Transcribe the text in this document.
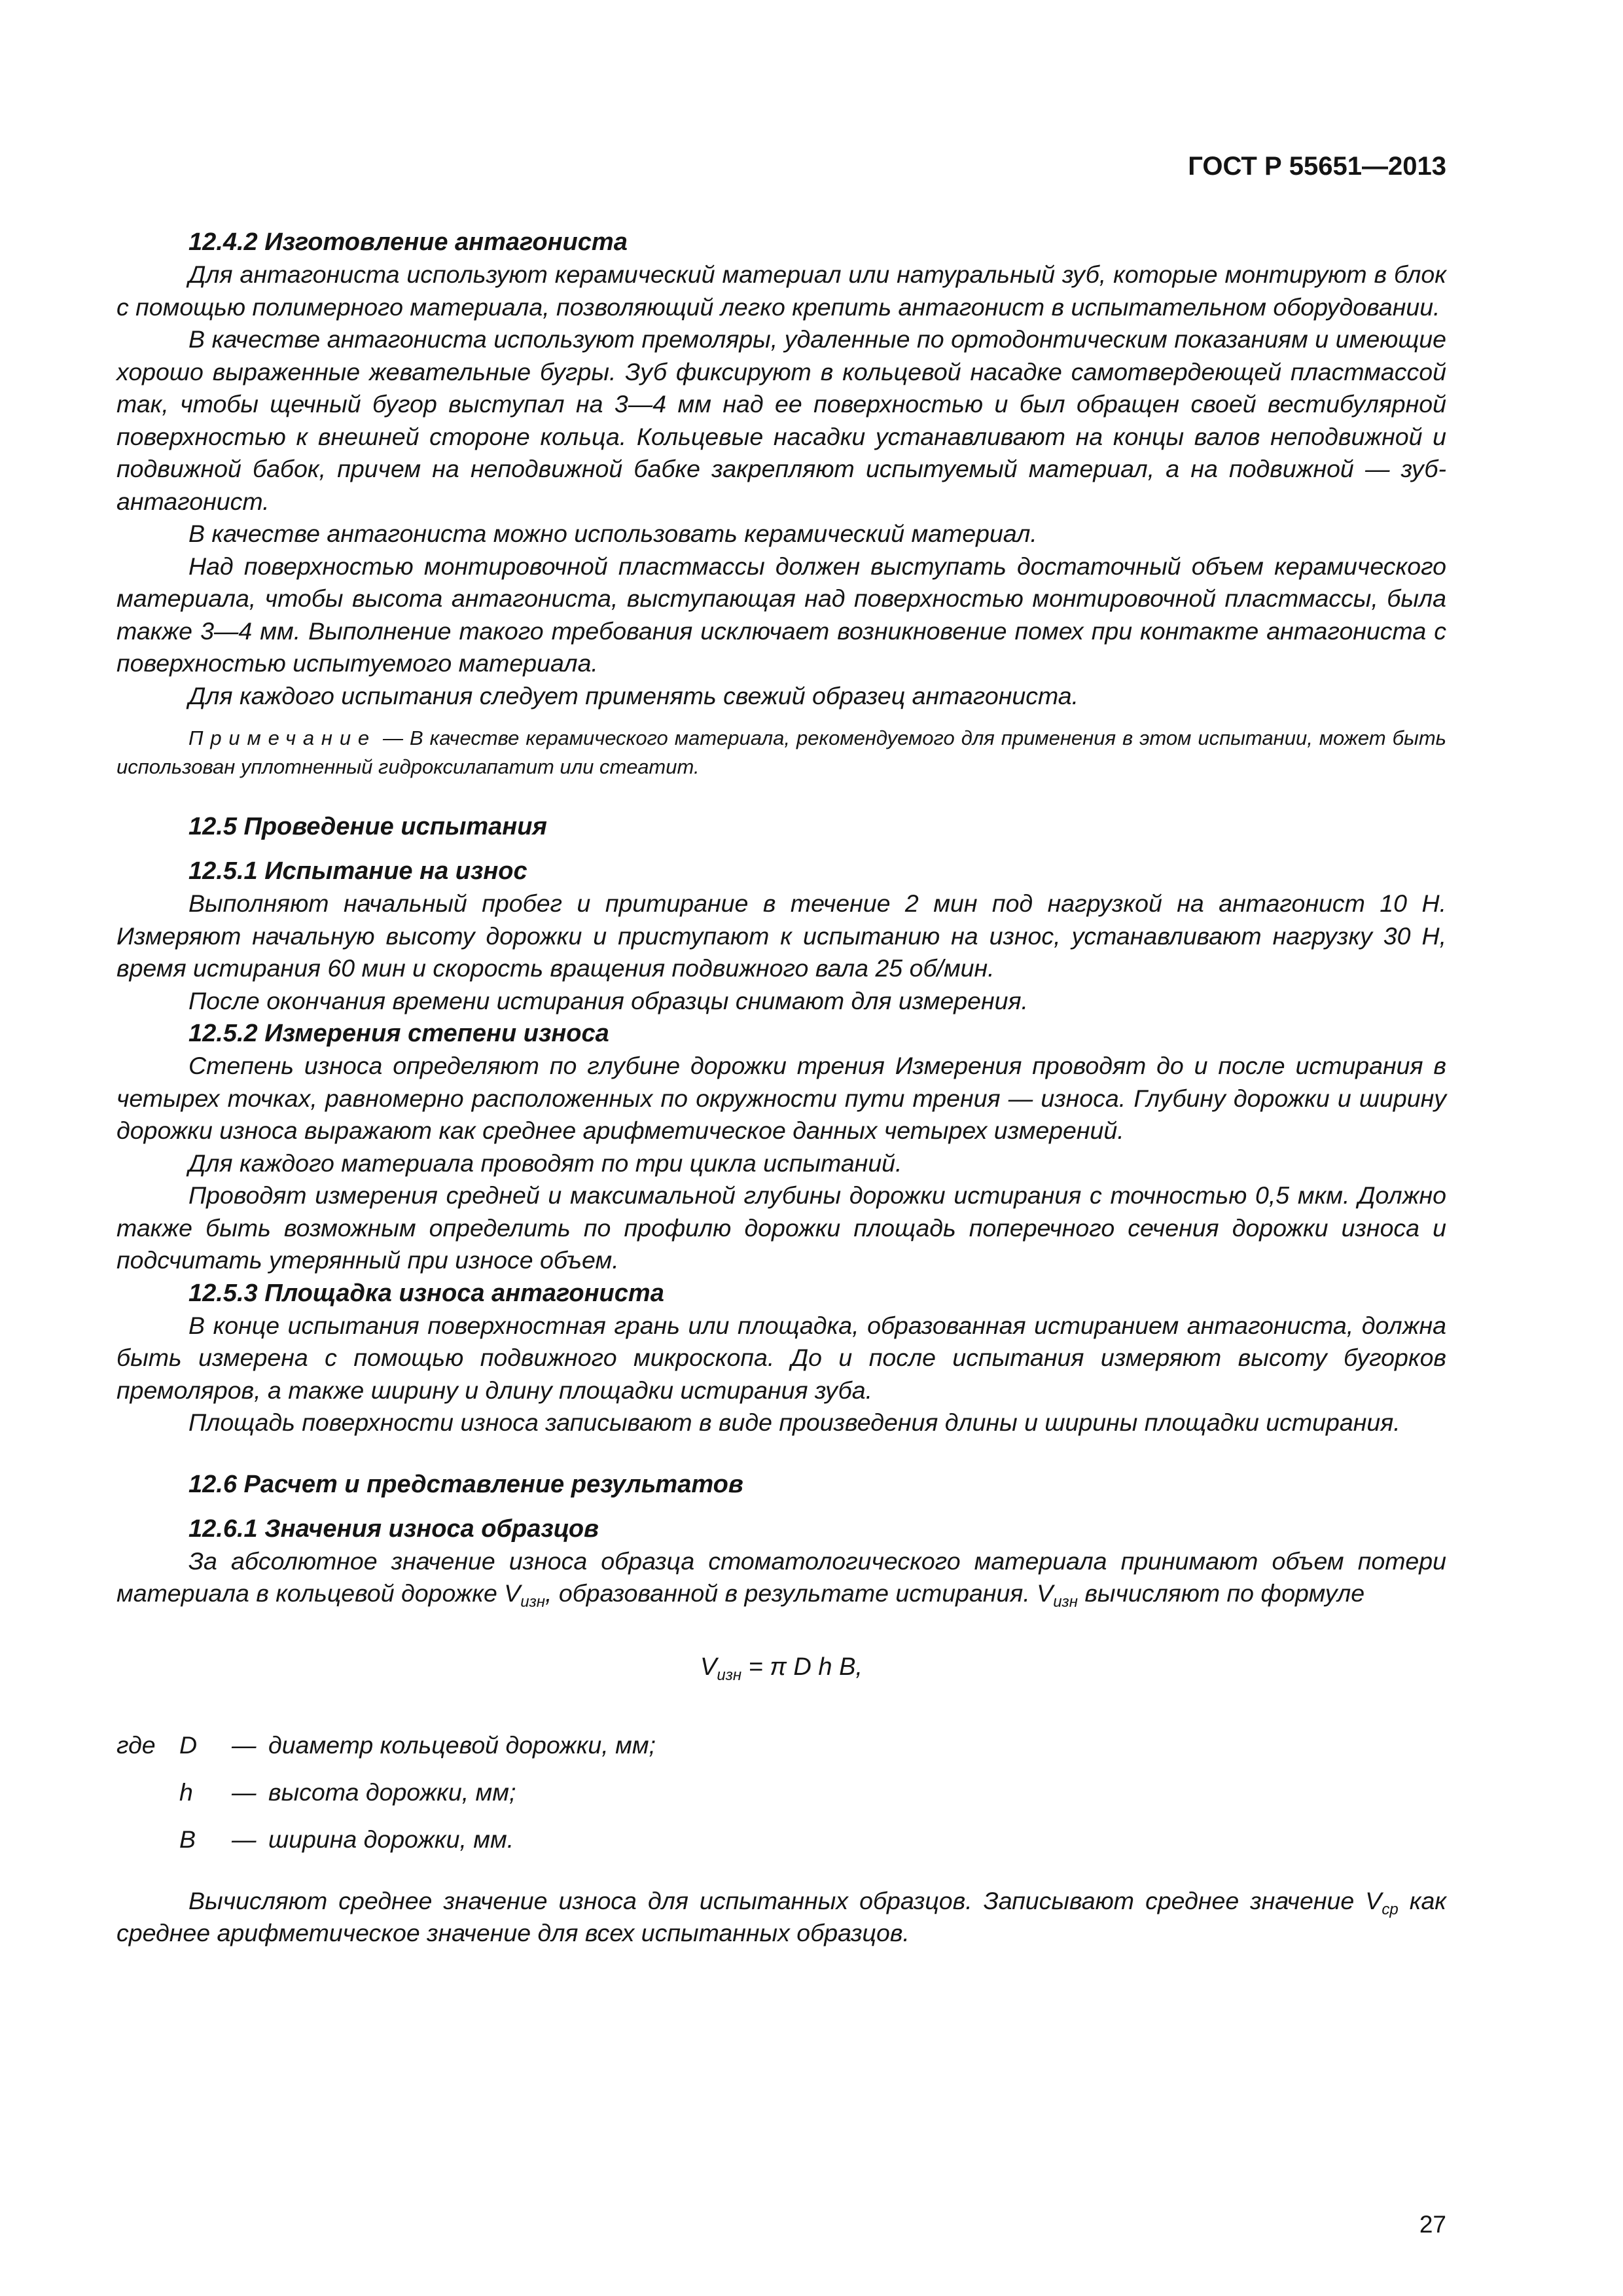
ГОСТ Р 55651—2013

12.4.2 Изготовление антагониста

Для антагониста используют керамический материал или натуральный зуб, которые монтируют в блок с помощью полимерного материала, позволяющий легко крепить антагонист в испытательном оборудовании.

В качестве антагониста используют премоляры, удаленные по ортодонтическим показаниям и имеющие хорошо выраженные жевательные бугры. Зуб фиксируют в кольцевой насадке самотвердеющей пластмассой так, чтобы щечный бугор выступал на 3—4 мм над ее поверхностью и был обращен своей вестибулярной поверхностью к внешней стороне кольца. Кольцевые насадки устанавливают на концы валов неподвижной и подвижной бабок, причем на неподвижной бабке закрепляют испытуемый материал, а на подвижной — зуб-антагонист.

В качестве антагониста можно использовать керамический материал.

Над поверхностью монтировочной пластмассы должен выступать достаточный объем керамического материала, чтобы высота антагониста, выступающая над поверхностью монтировочной пластмассы, была также 3—4 мм. Выполнение такого требования исключает возникновение помех при контакте антагониста с поверхностью испытуемого материала.

Для каждого испытания следует применять свежий образец антагониста.

Примечание — В качестве керамического материала, рекомендуемого для применения в этом испытании, может быть использован уплотненный гидроксилапатит или стеатит.

12.5 Проведение испытания

12.5.1 Испытание на износ

Выполняют начальный пробег и притирание в течение 2 мин под нагрузкой на антагонист 10 Н. Измеряют начальную высоту дорожки и приступают к испытанию на износ, устанавливают нагрузку 30 Н, время истирания 60 мин и скорость вращения подвижного вала 25 об/мин.

После окончания времени истирания образцы снимают для измерения.

12.5.2 Измерения степени износа

Степень износа определяют по глубине дорожки трения Измерения проводят до и после истирания в четырех точках, равномерно расположенных по окружности пути трения — износа. Глубину дорожки и ширину дорожки износа выражают как среднее арифметическое данных четырех измерений.

Для каждого материала проводят по три цикла испытаний.

Проводят измерения средней и максимальной глубины дорожки истирания с точностью 0,5 мкм. Должно также быть возможным определить по профилю дорожки площадь поперечного сечения дорожки износа и подсчитать утерянный при износе объем.

12.5.3 Площадка износа антагониста

В конце испытания поверхностная грань или площадка, образованная истиранием антагониста, должна быть измерена с помощью подвижного микроскопа. До и после испытания измеряют высоту бугорков премоляров, а также ширину и длину площадки истирания зуба.

Площадь поверхности износа записывают в виде произведения длины и ширины площадки истирания.

12.6 Расчет и представление результатов

12.6.1 Значения износа образцов

За абсолютное значение износа образца стоматологического материала принимают объем потери материала в кольцевой дорожке $V_{изн}$, образованной в результате истирания. $V_{изн}$ вычисляют по формуле

$V_{изн} = \pi$ D h B,
где D	— диаметр кольцевой дорожки, мм;
h	— высота дорожки, мм;
B	— ширина дорожки, мм.

Вычисляют среднее значение износа для испытанных образцов. Записывают среднее значение $V_{ср}$ как среднее арифметическое значение для всех испытанных образцов.

27
